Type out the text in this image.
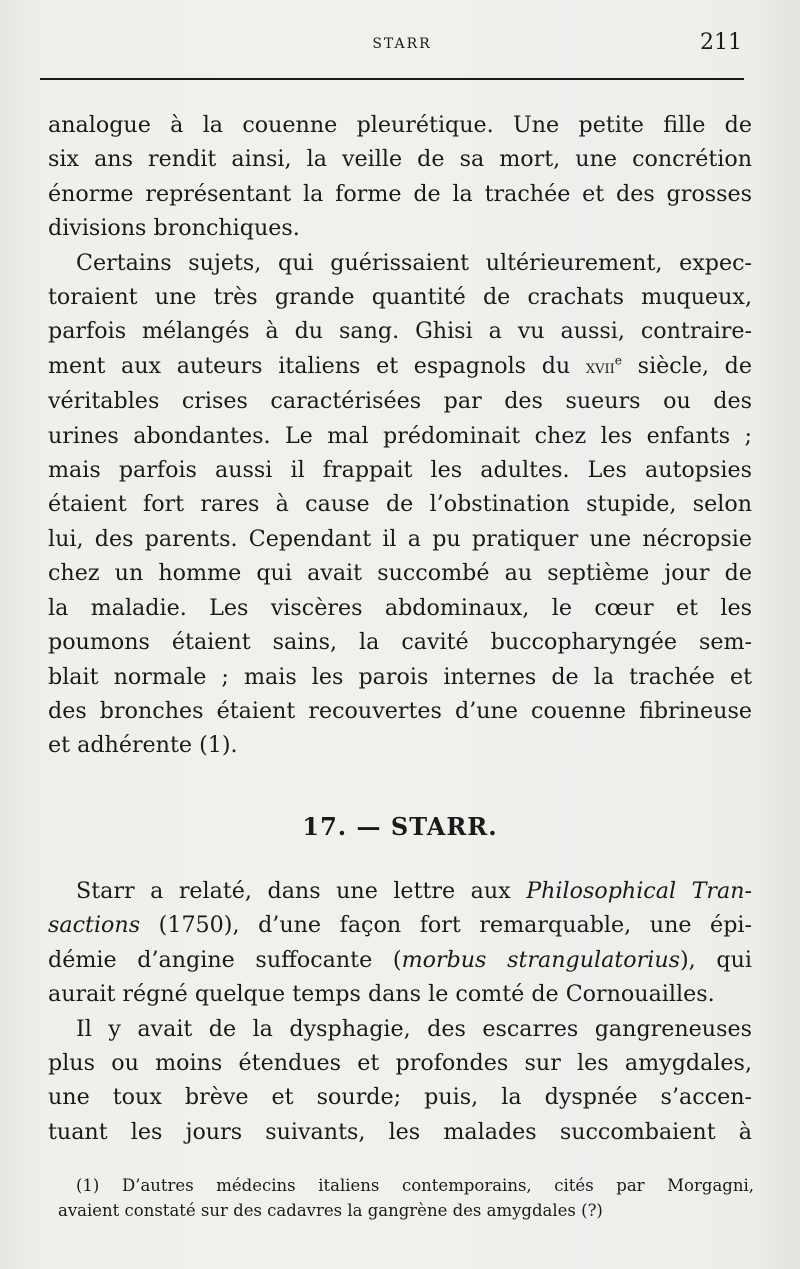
STARR	211

analogue à la couenne pleurétique. Une petite fille de
six ans rendit ainsi, la veille de sa mort, une concrétion
énorme représentant la forme de la trachée et des grosses
divisions bronchiques.

Certains sujets, qui guérissaient ultérieurement, expec-
toraient une très grande quantité de crachats muqueux,
parfois mélangés à du sang. Ghisi a vu aussi, contraire-
ment aux auteurs italiens et espagnols du xvii$^e$ siècle, de
véritables crises caractérisées par des sueurs ou des
urines abondantes. Le mal prédominait chez les enfants ;
mais parfois aussi il frappait les adultes. Les autopsies
étaient fort rares à cause de l’obstination stupide, selon
lui, des parents. Cependant il a pu pratiquer une nécropsie
chez un homme qui avait succombé au septième jour de
la maladie. Les viscères abdominaux, le cœur et les
poumons étaient sains, la cavité buccopharyngée sem-
blait normale ; mais les parois internes de la trachée et
des bronches étaient recouvertes d’une couenne fibrineuse
et adhérente (1).

17. — STARR.

Starr a relaté, dans une lettre aux Philosophical Tran-
sactions (1750), d’une façon fort remarquable, une épi-
démie d’angine suffocante (morbus strangulatorius), qui
aurait régné quelque temps dans le comté de Cornouailles.

Il y avait de la dysphagie, des escarres gangreneuses
plus ou moins étendues et profondes sur les amygdales,
une toux brève et sourde; puis, la dyspnée s’accen-
tuant les jours suivants, les malades succombaient à

(1) D’autres médecins italiens contemporains, cités par Morgagni,
avaient constaté sur des cadavres la gangrène des amygdales (?)
